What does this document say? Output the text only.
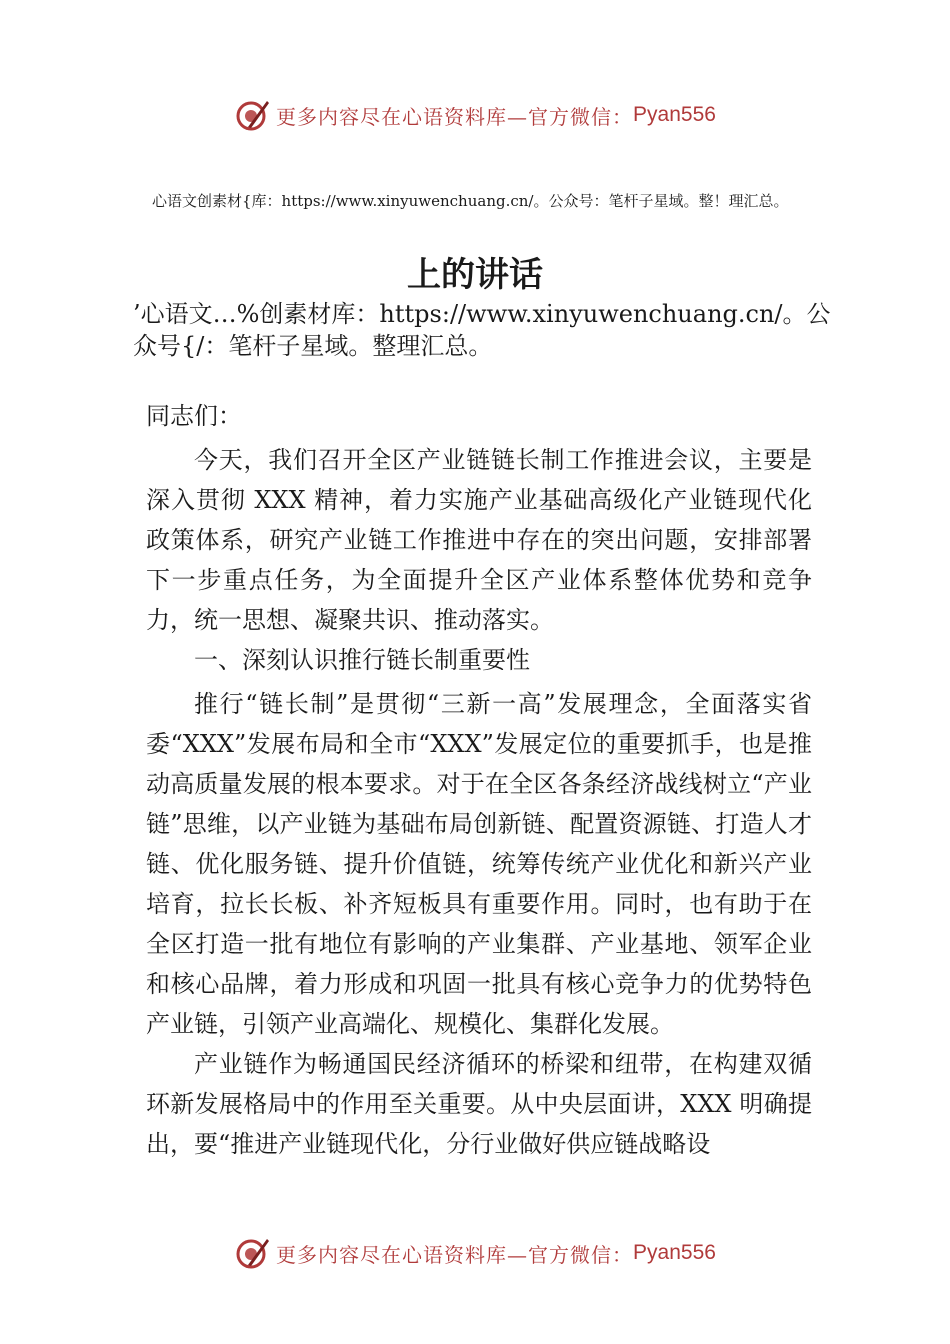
更多内容尽在心语资料库—官方微信： Pyan556
心语文创素材{库：https://www.xinyuwenchuang.cn/。公众号：笔杆子星域。整！理汇总。
上的讲话
’心语文…%创素材库：https://www.xinyuwenchuang.cn/。公众号{/：笔杆子星域。整理汇总。

同志们：

今天，我们召开全区产业链链长制工作推进会议，主要是深入贯彻 XXX 精神，着力实施产业基础高级化产业链现代化政策体系，研究产业链工作推进中存在的突出问题，安排部署下一步重点任务，为全面提升全区产业体系整体优势和竞争力，统一思想、凝聚共识、推动落实。

一、深刻认识推行链长制重要性

推行“链长制”是贯彻“三新一高”发展理念，全面落实省委“XXX”发展布局和全市“XXX”发展定位的重要抓手，也是推动高质量发展的根本要求。对于在全区各条经济战线树立“产业链”思维，以产业链为基础布局创新链、配置资源链、打造人才链、优化服务链、提升价值链，统筹传统产业优化和新兴产业培育，拉长长板、补齐短板具有重要作用。同时，也有助于在全区打造一批有地位有影响的产业集群、产业基地、领军企业和核心品牌，着力形成和巩固一批具有核心竞争力的优势特色产业链，引领产业高端化、规模化、集群化发展。

产业链作为畅通国民经济循环的桥梁和纽带，在构建双循环新发展格局中的作用至关重要。从中央层面讲，XXX 明确提出，要“推进产业链现代化，分行业做好供应链战略设

更多内容尽在心语资料库—官方微信： Pyan556
